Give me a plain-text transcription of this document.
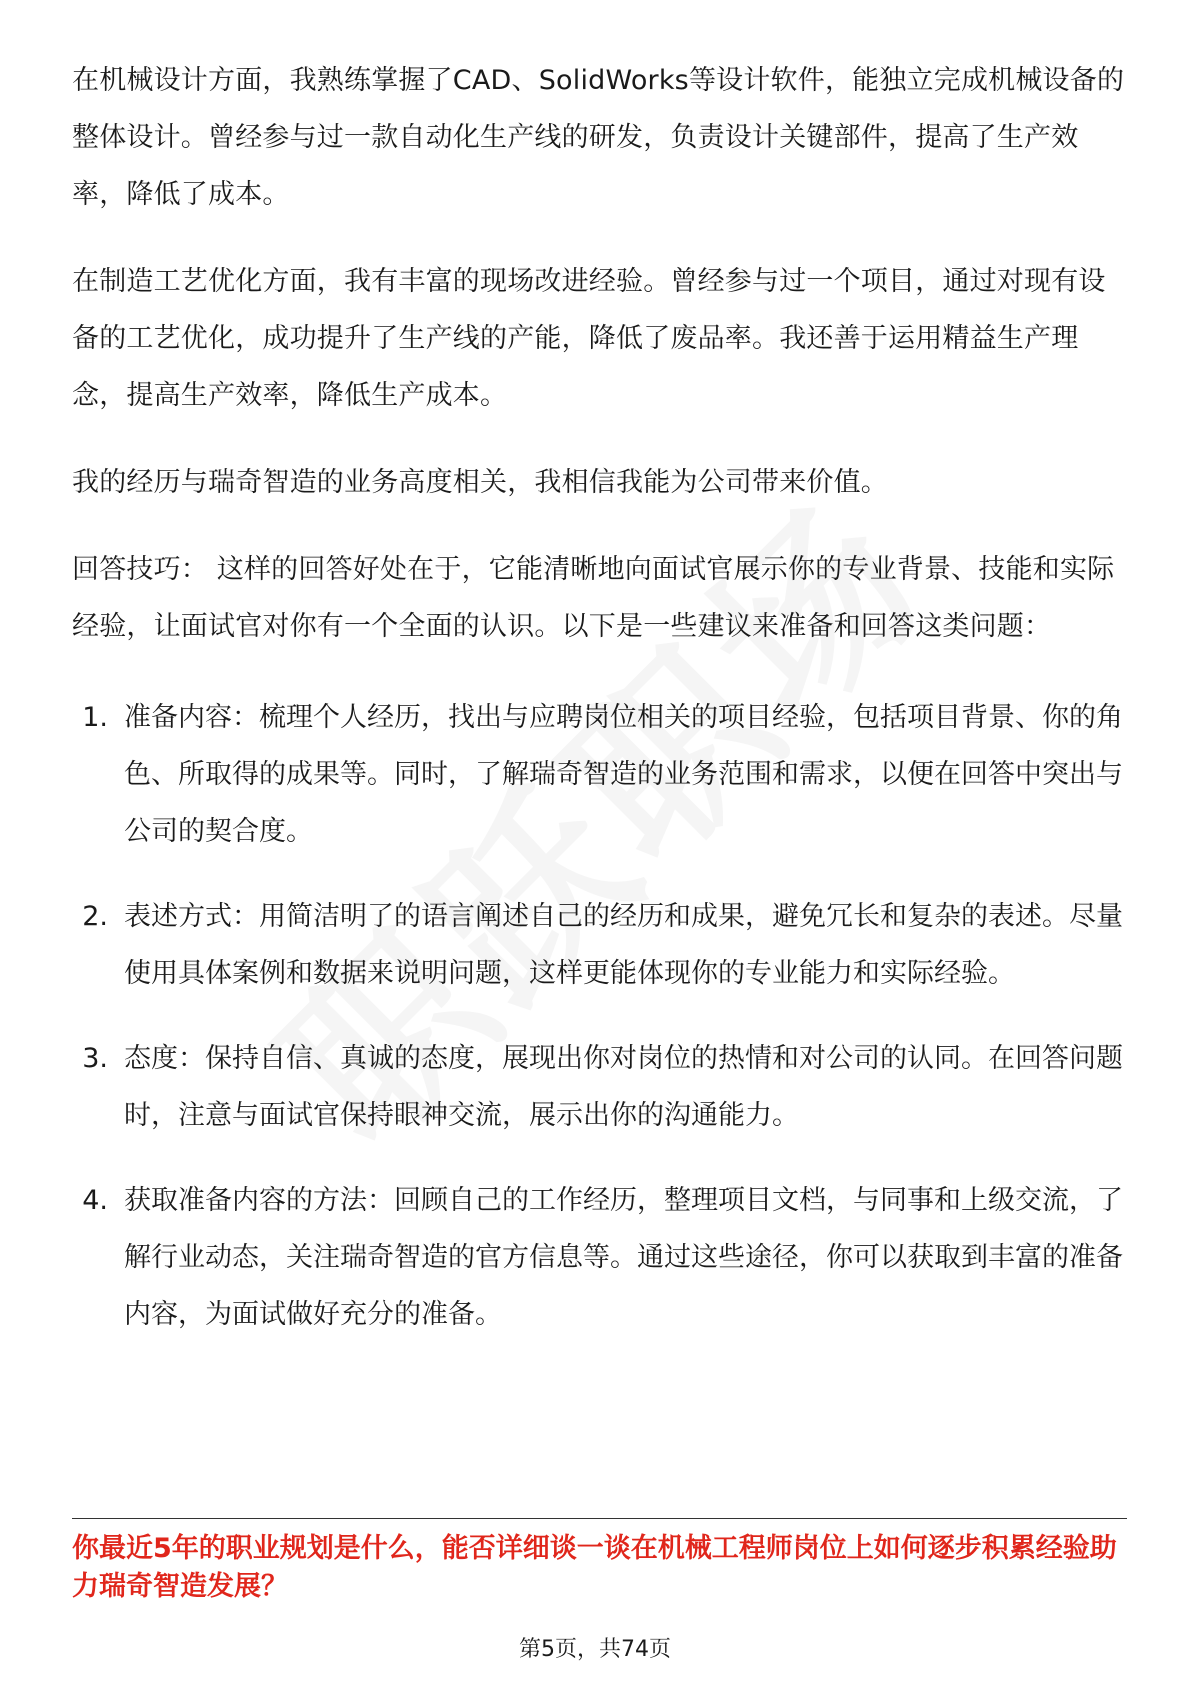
在机械设计方面，我熟练掌握了CAD、SolidWorks等设计软件，能独立完成机械设备的整体设计。曾经参与过一款自动化生产线的研发，负责设计关键部件，提高了生产效率，降低了成本。

在制造工艺优化方面，我有丰富的现场改进经验。曾经参与过一个项目，通过对现有设备的工艺优化，成功提升了生产线的产能，降低了废品率。我还善于运用精益生产理念，提高生产效率，降低生产成本。

我的经历与瑞奇智造的业务高度相关，我相信我能为公司带来价值。

回答技巧： 这样的回答好处在于，它能清晰地向面试官展示你的专业背景、技能和实际经验，让面试官对你有一个全面的认识。以下是一些建议来准备和回答这类问题：

1. 准备内容：梳理个人经历，找出与应聘岗位相关的项目经验，包括项目背景、你的角色、所取得的成果等。同时，了解瑞奇智造的业务范围和需求，以便在回答中突出与公司的契合度。

2. 表述方式：用简洁明了的语言阐述自己的经历和成果，避免冗长和复杂的表述。尽量使用具体案例和数据来说明问题，这样更能体现你的专业能力和实际经验。

3. 态度：保持自信、真诚的态度，展现出你对岗位的热情和对公司的认同。在回答问题时，注意与面试官保持眼神交流，展示出你的沟通能力。

4. 获取准备内容的方法：回顾自己的工作经历，整理项目文档，与同事和上级交流，了解行业动态，关注瑞奇智造的官方信息等。通过这些途径，你可以获取到丰富的准备内容，为面试做好充分的准备。

你最近5年的职业规划是什么，能否详细谈一谈在机械工程师岗位上如何逐步积累经验助力瑞奇智造发展？

第5页，共74页
